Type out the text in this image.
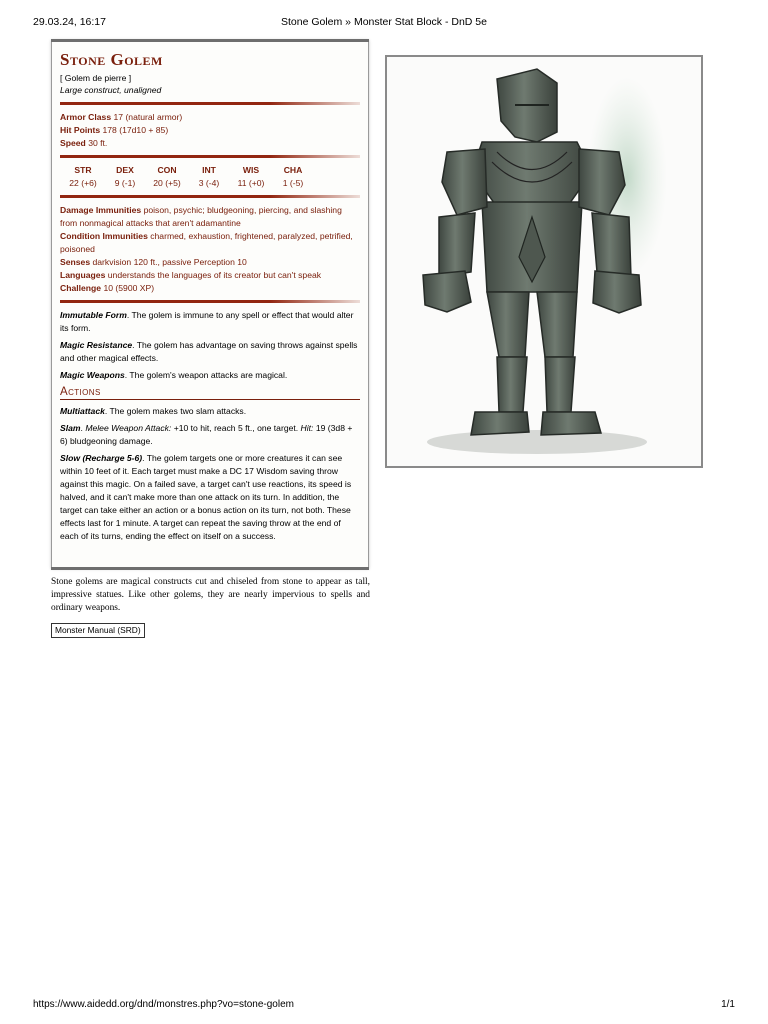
29.03.24, 16:17	Stone Golem » Monster Stat Block - DnD 5e
Stone Golem
[ Golem de pierre ]
Large construct, unaligned
Armor Class 17 (natural armor)
Hit Points 178 (17d10 + 85)
Speed 30 ft.
STR
22 (+6)
DEX
9 (-1)
CON
20 (+5)
INT
3 (-4)
WIS
11 (+0)
CHA
1 (-5)
Damage Immunities poison, psychic; bludgeoning, piercing, and slashing from nonmagical attacks that aren't adamantine
Condition Immunities charmed, exhaustion, frightened, paralyzed, petrified, poisoned
Senses darkvision 120 ft., passive Perception 10
Languages understands the languages of its creator but can't speak
Challenge 10 (5900 XP)
Immutable Form. The golem is immune to any spell or effect that would alter its form.
Magic Resistance. The golem has advantage on saving throws against spells and other magical effects.
Magic Weapons. The golem's weapon attacks are magical.
Actions
Multiattack. The golem makes two slam attacks.
Slam. Melee Weapon Attack: +10 to hit, reach 5 ft., one target. Hit: 19 (3d8 + 6) bludgeoning damage.
Slow (Recharge 5-6). The golem targets one or more creatures it can see within 10 feet of it. Each target must make a DC 17 Wisdom saving throw against this magic. On a failed save, a target can't use reactions, its speed is halved, and it can't make more than one attack on its turn. In addition, the target can take either an action or a bonus action on its turn, not both. These effects last for 1 minute. A target can repeat the saving throw at the end of each of its turns, ending the effect on itself on a success.
Stone golems are magical constructs cut and chiseled from stone to appear as tall, impressive statues. Like other golems, they are nearly impervious to spells and ordinary weapons.
Monster Manual (SRD)
https://www.aidedd.org/dnd/monstres.php?vo=stone-golem	1/1
